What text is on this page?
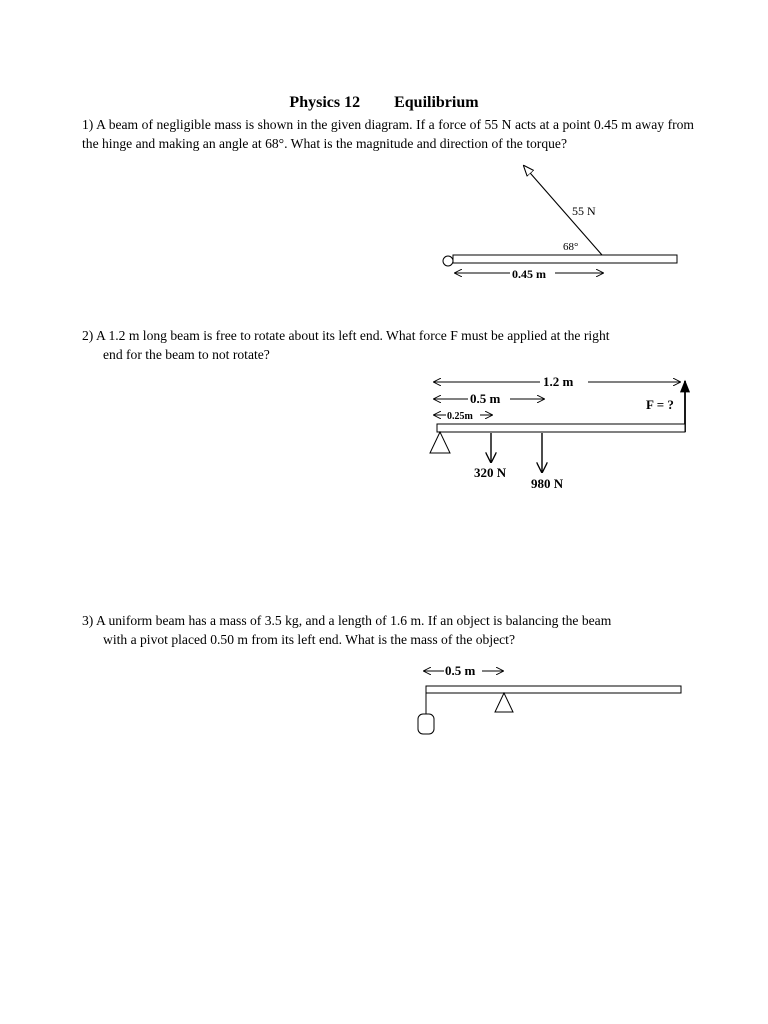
Physics 12 Equilibrium
1) A beam of negligible mass is shown in the given diagram. If a force of 55 N acts at a point 0.45 m away from the hinge and making an angle at 68°. What is the magnitude and direction of the torque?
2) A 1.2 m long beam is free to rotate about its left end. What force F must be applied at the right
end for the beam to not rotate?
3) A uniform beam has a mass of 3.5 kg, and a length of 1.6 m. If an object is balancing the beam
with a pivot placed 0.50 m from its left end. What is the mass of the object?
55 N
68°
0.45 m
1.2 m
0.5 m
0.25m
F = ?
320 N
980 N
0.5 m
